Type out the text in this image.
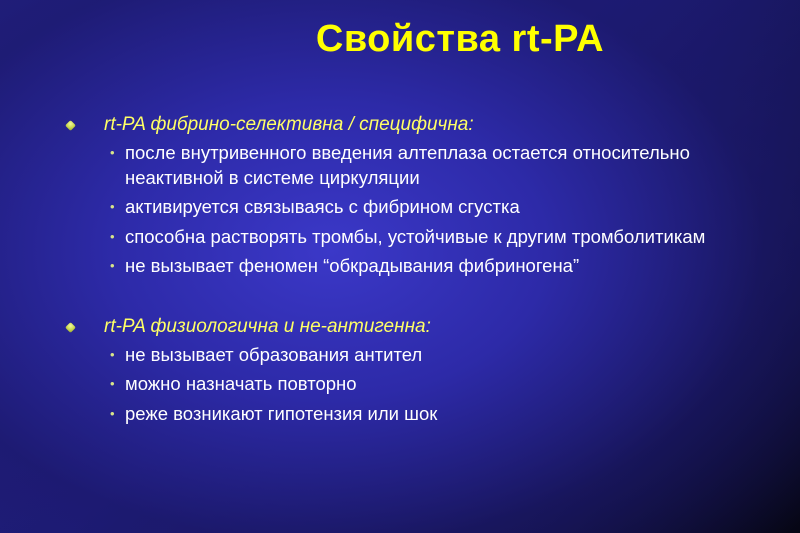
Свойства rt-PA
rt-PA фибрино-селективна / специфична:
• после внутривенного введения алтеплаза остается относительно неактивной в системе циркуляции
• активируется связываясь с фибрином сгустка
• способна растворять тромбы, устойчивые к другим тромболитикам
• не вызывает феномен “обкрадывания фибриногена”
rt-PA физиологична и не-антигенна:
• не вызывает образования антител
• можно назначать повторно
• реже возникают гипотензия или шок
